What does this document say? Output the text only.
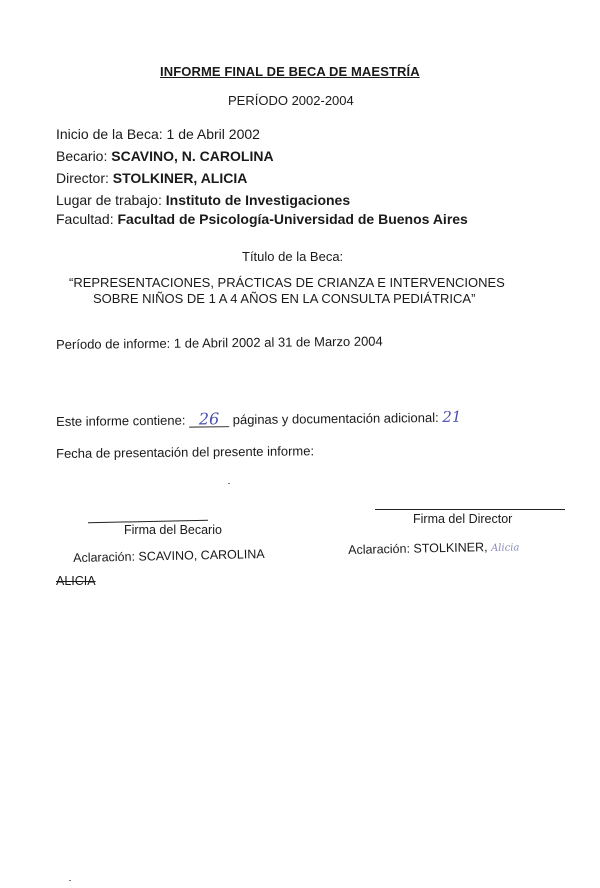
INFORME FINAL DE BECA DE MAESTRÍA
PERÍODO 2002-2004
Inicio de la Beca: 1 de Abril 2002
Becario: SCAVINO, N. CAROLINA
Director: STOLKINER, ALICIA
Lugar de trabajo: Instituto de Investigaciones
Facultad: Facultad de Psicología-Universidad de Buenos Aires
Título de la Beca:
“REPRESENTACIONES, PRÁCTICAS DE CRIANZA E INTERVENCIONES
SOBRE NIÑOS DE 1 A 4 AÑOS EN LA CONSULTA PEDIÁTRICA”
Período de informe: 1 de Abril 2002 al 31 de Marzo 2004
Este informe contiene: 26 páginas y documentación adicional: 21
Fecha de presentación del presente informe:
Firma del Becario
Firma del Director
Aclaración: SCAVINO, CAROLINA
ALICIA
Aclaración: STOLKINER, Alicia
